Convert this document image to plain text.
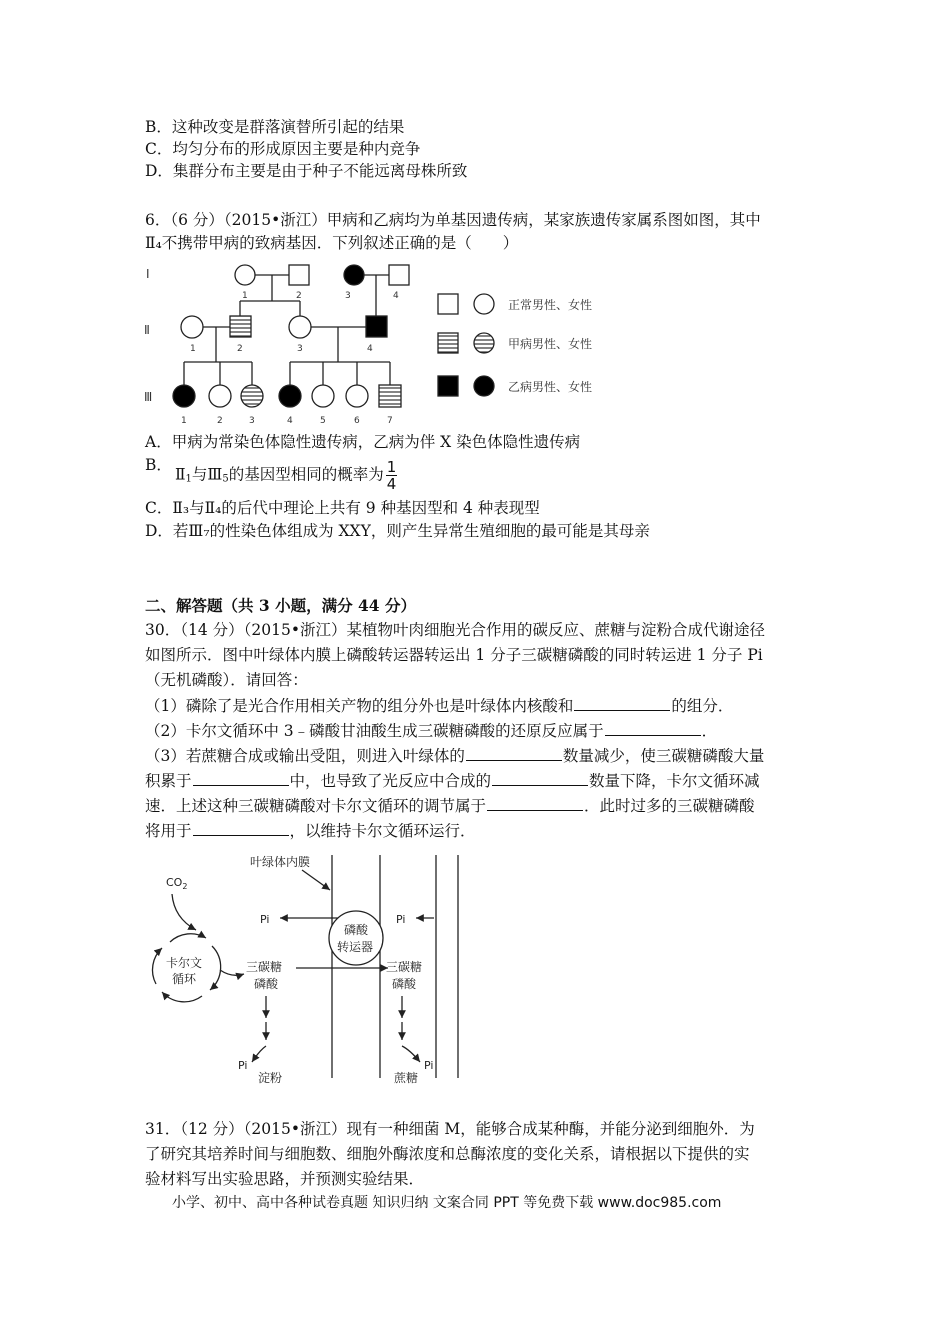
B．这种改变是群落演替所引起的结果
C．均匀分布的形成原因主要是种内竞争
D．集群分布主要是由于种子不能远离母株所致
6．（6 分）（2015•浙江）甲病和乙病均为单基因遗传病，某家族遗传家属系图如图，其中
Ⅱ₄不携带甲病的致病基因．下列叙述正确的是（　　）
Ⅰ
Ⅱ
Ⅲ
1	2	3	4
1	2	3	4
1	2	3	4	5	6	7
正常男性、女性
甲病男性、女性
乙病男性、女性
A．甲病为常染色体隐性遗传病，乙病为伴 X 染色体隐性遗传病
B．
$Ⅱ_1$与$Ⅲ_5$的基因型相同的概率为 $\frac{1}{4}$
C．Ⅱ₃与Ⅱ₄的后代中理论上共有 9 种基因型和 4 种表现型
D．若Ⅲ₇的性染色体组成为 XXY，则产生异常生殖细胞的最可能是其母亲
二、解答题（共 3 小题，满分 44 分）
30．（14 分）（2015•浙江）某植物叶肉细胞光合作用的碳反应、蔗糖与淀粉合成代谢途径
如图所示．图中叶绿体内膜上磷酸转运器转运出 1 分子三碳糖磷酸的同时转运进 1 分子 Pi
（无机磷酸）．请回答：
（1）磷除了是光合作用相关产物的组分外也是叶绿体内核酸和	的组分．
（2）卡尔文循环中 3﹣磷酸甘油酸生成三碳糖磷酸的还原反应属于	．
（3）若蔗糖合成或输出受阻，则进入叶绿体的	数量减少，使三碳糖磷酸大量
积累于	中，也导致了光反应中合成的	数量下降，卡尔文循环减
速．上述这种三碳糖磷酸对卡尔文循环的调节属于	．此时过多的三碳糖磷酸
将用于	，以维持卡尔文循环运行．
叶绿体内膜
$CO_2$
卡尔文
循环
Pi	Pi
磷酸
转运器
三碳糖
磷酸
Pi
淀粉
三碳糖
磷酸
Pi
蔗糖
31．（12 分）（2015•浙江）现有一种细菌 M，能够合成某种酶，并能分泌到细胞外．为
了研究其培养时间与细胞数、细胞外酶浓度和总酶浓度的变化关系，请根据以下提供的实
验材料写出实验思路，并预测实验结果．
小学、初中、高中各种试卷真题 知识归纳 文案合同 PPT 等免费下载 www.doc985.com
